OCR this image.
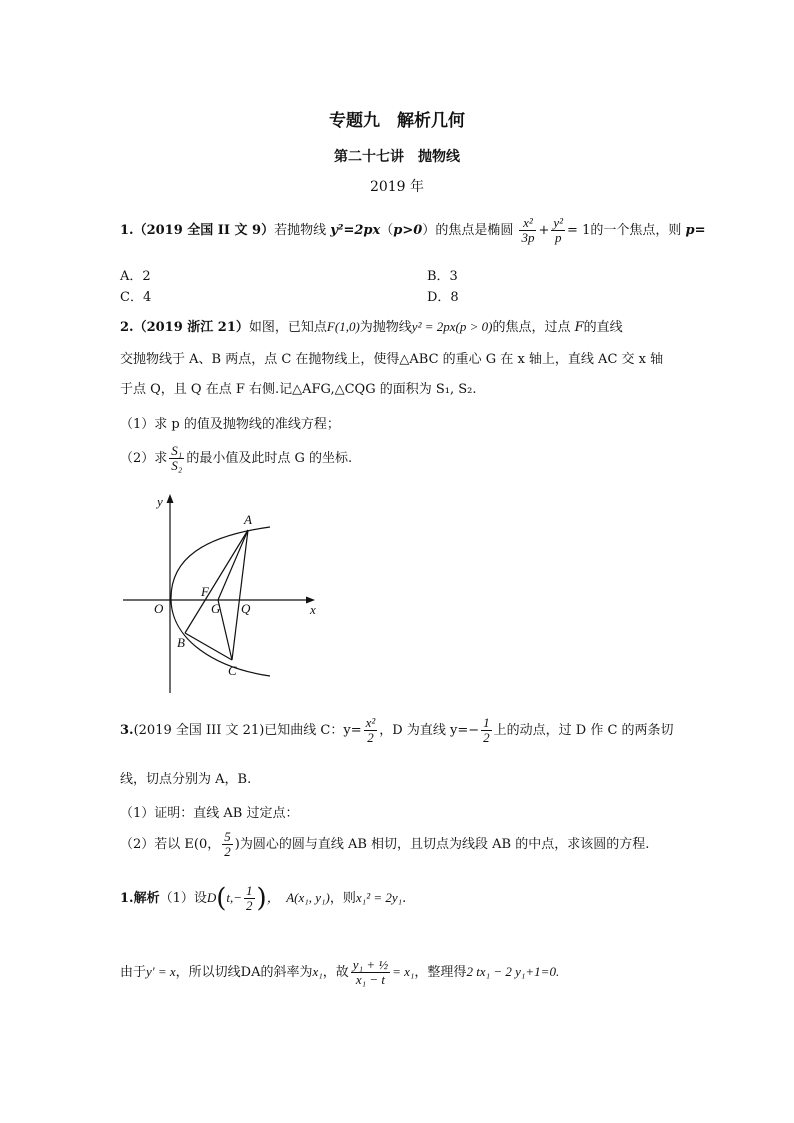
专题九　解析几何
第二十七讲　抛物线
2019 年
1.（2019 全国 II 文 9）若抛物线 y²=2px（p>0）的焦点是椭圆 $\frac{\text{x²}}{3p} + \frac{\text{y²}}{p} = 1$的一个焦点，则 p=
A．2	B．3
C．4	D．8
2.（2019 浙江 21）如图，已知点F(1,0)为抛物线y² = 2px(p > 0)的焦点，过点 F的直线
交抛物线于 A、B 两点，点 C 在抛物线上，使得△ABC 的重心 G 在 x 轴上，直线 AC 交 x 轴
于点 Q，且 Q 在点 F 右侧.记△AFG,△CQG 的面积为 S₁, S₂.
（1）求 p 的值及抛物线的准线方程；
（2）求 $\frac{\text{S₁}}{\text{S₂}}$ 的最小值及此时点 G 的坐标.
y
x
O
F
G Q
A
B
C
3.(2019 全国 III 文 21)已知曲线 C：$y= \frac{\text{x²}}{2}$ ，D 为直线 $y=- \frac{1}{2}$ 上的动点，过 D 作 C 的两条切
线，切点分别为 A，B.
（1）证明：直线 AB 过定点：
（2）若以 E(0， $\frac{5}{2}$ )为圆心的圆与直线 AB 相切，且切点为线段 AB 的中点，求该圆的方程.
1.解析（1）设$D(t,- \frac{1}{2}$ )，　A(x₁, y₁)，则x₁² = 2y₁.
由于y′ = x，所以切线DA的斜率为x₁，故 $\frac{\text{y₁ + ½}}{\text{x₁ − t}} = x_1$，整理得2 tx₁ − 2 y₁+1=0.
